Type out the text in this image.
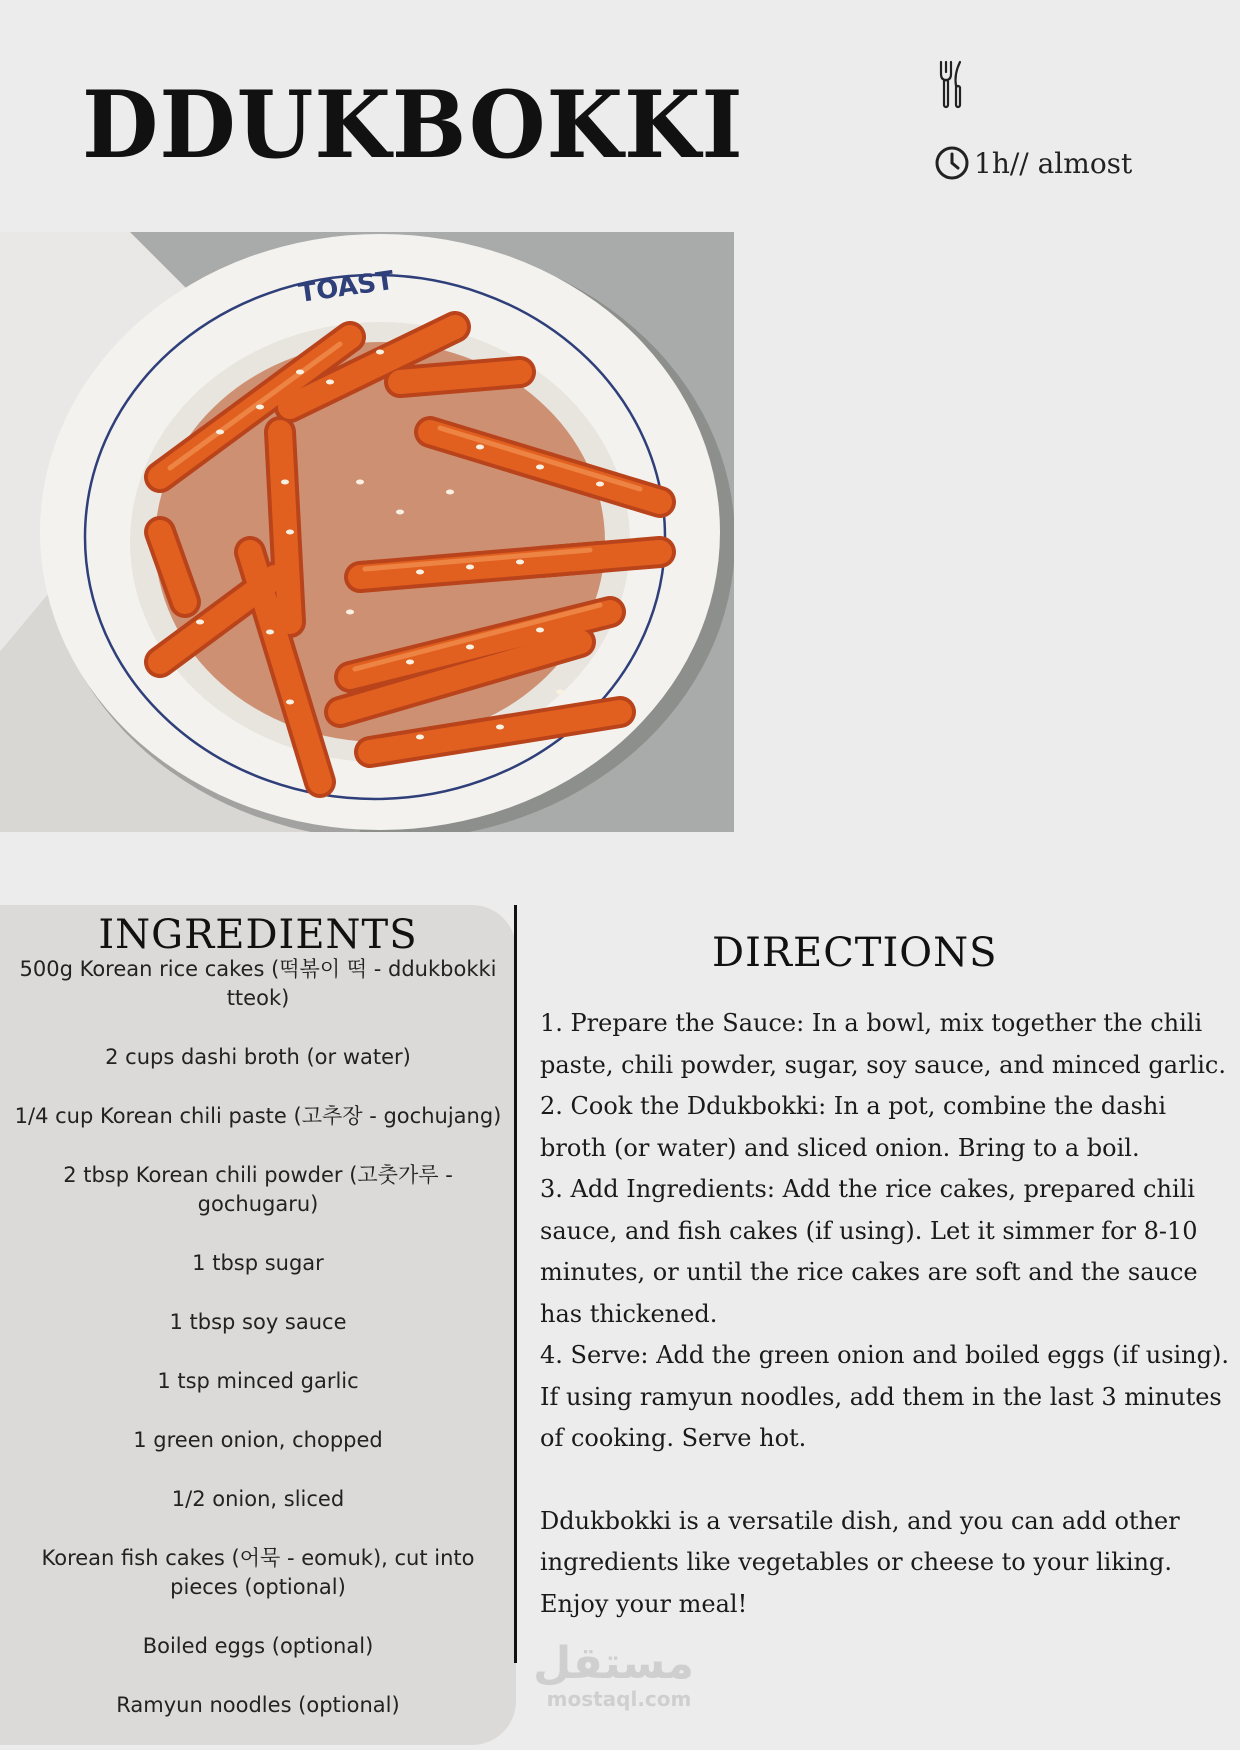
DDUKBOKKI	1h// almost
TOAST
INGREDIENTS
500g Korean rice cakes (떡볶이 떡 - ddukbokki tteok)
2 cups dashi broth (or water)
1/4 cup Korean chili paste (고추장 - gochujang)
2 tbsp Korean chili powder (고춧가루 - gochugaru)
1 tbsp sugar
1 tbsp soy sauce
1 tsp minced garlic
1 green onion, chopped
1/2 onion, sliced
Korean fish cakes (어묵 - eomuk), cut into pieces (optional)
Boiled eggs (optional)
Ramyun noodles (optional)
DIRECTIONS

1. Prepare the Sauce: In a bowl, mix together the chili paste, chili powder, sugar, soy sauce, and minced garlic.

2. Cook the Ddukbokki: In a pot, combine the dashi broth (or water) and sliced onion. Bring to a boil.

3. Add Ingredients: Add the rice cakes, prepared chili sauce, and fish cakes (if using). Let it simmer for 8-10 minutes, or until the rice cakes are soft and the sauce has thickened.

4. Serve: Add the green onion and boiled eggs (if using). If using ramyun noodles, add them in the last 3 minutes of cooking. Serve hot.

Ddukbokki is a versatile dish, and you can add other ingredients like vegetables or cheese to your liking. Enjoy your meal!

مستقل
mostaql.com
